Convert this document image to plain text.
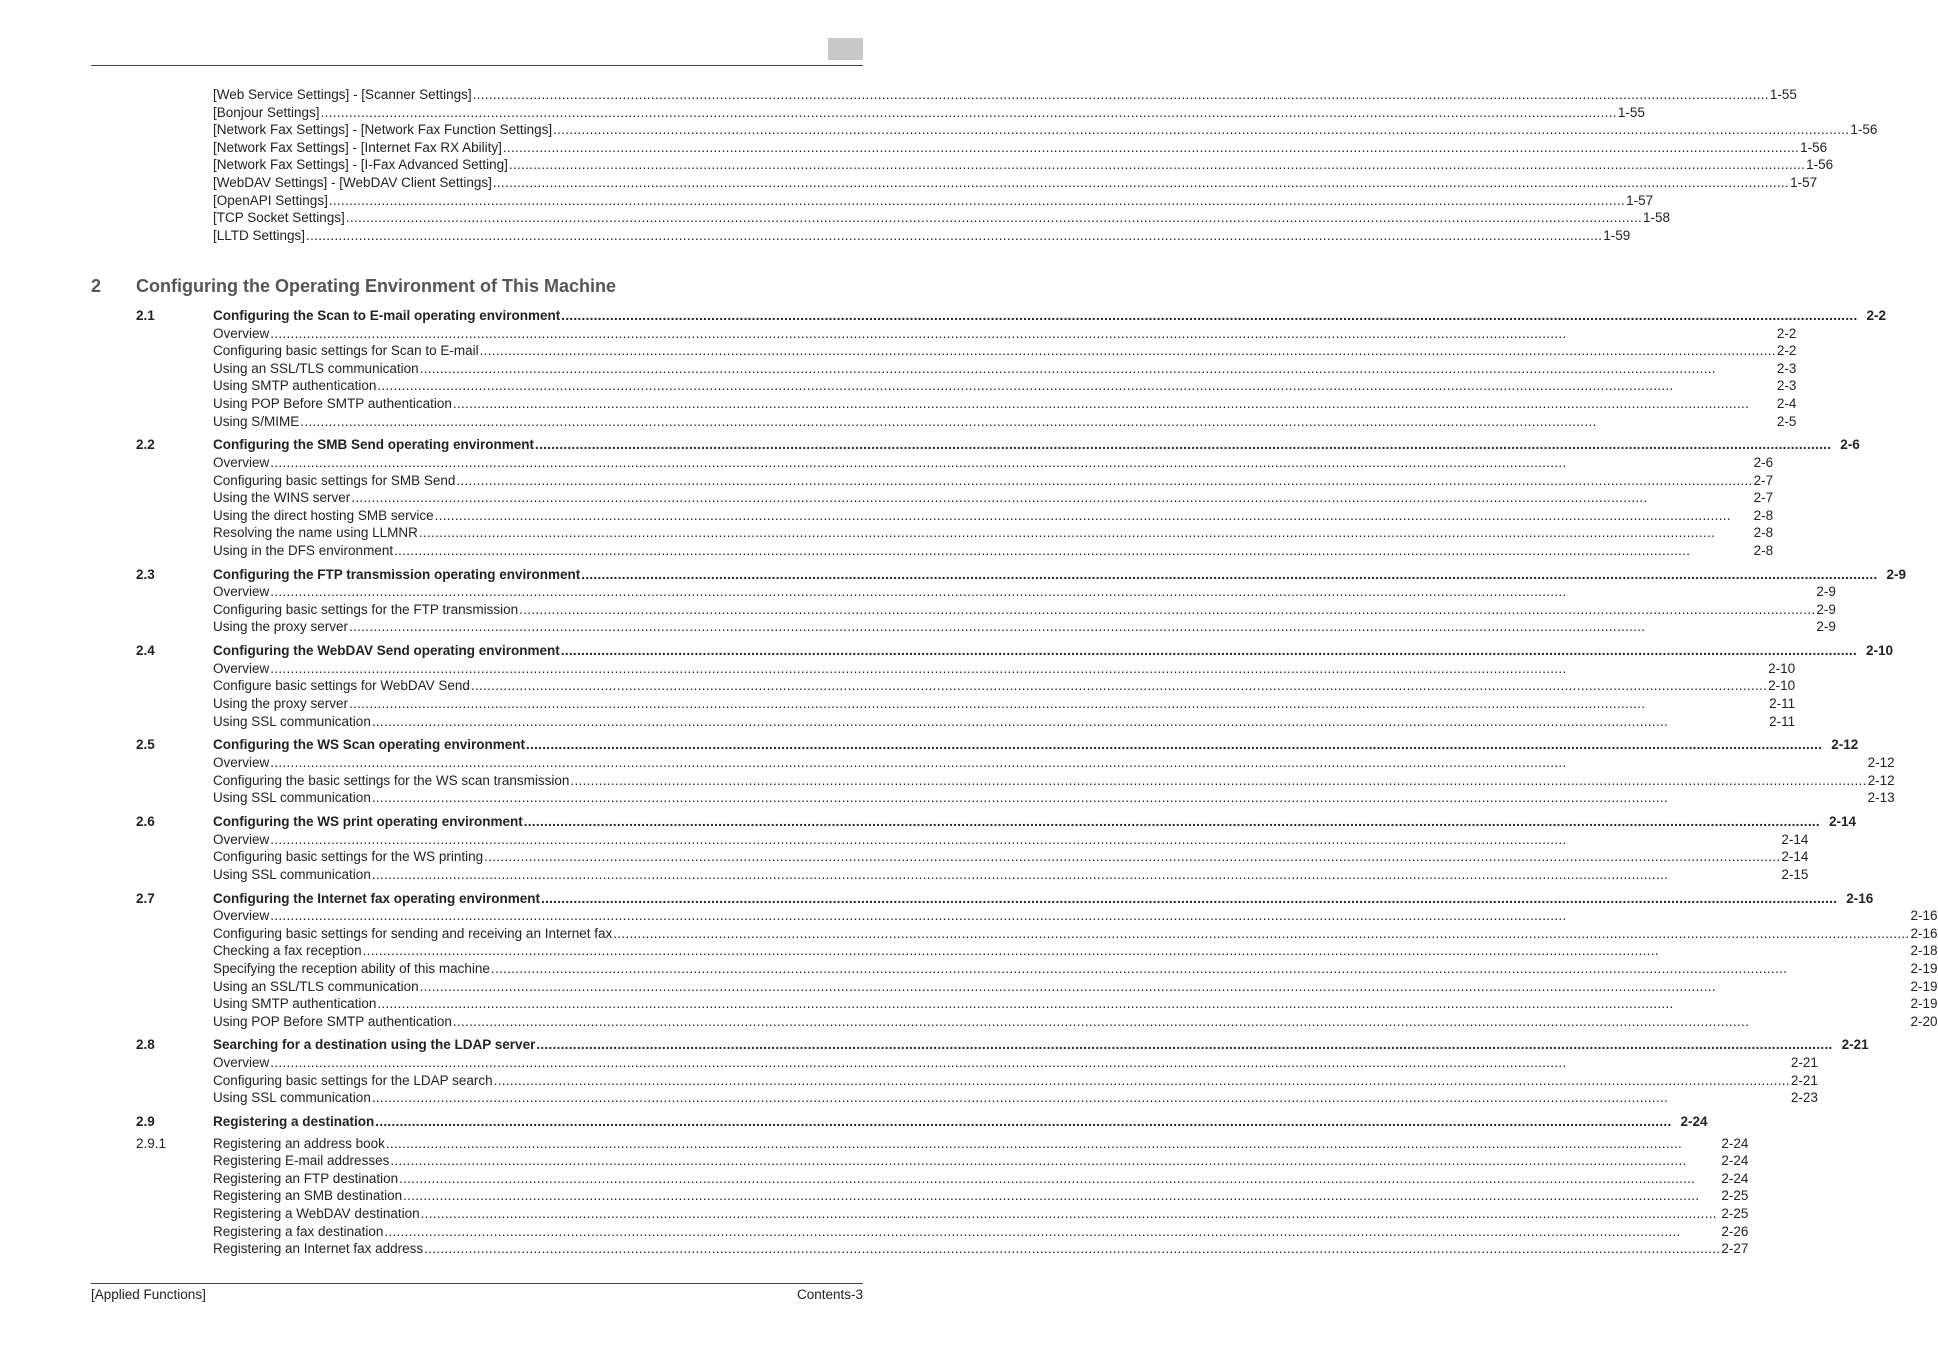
[Web Service Settings] - [Scanner Settings] .....	1-55
[Bonjour Settings] .....	1-55
[Network Fax Settings] - [Network Fax Function Settings] .....	1-56
[Network Fax Settings] - [Internet Fax RX Ability] .....	1-56
[Network Fax Settings] - [I-Fax Advanced Setting] .....	1-56
[WebDAV Settings] - [WebDAV Client Settings] .....	1-57
[OpenAPI Settings] .....	1-57
[TCP Socket Settings] .....	1-58
[LLTD Settings] .....	1-59
2 Configuring the Operating Environment of This Machine
2.1	Configuring the Scan to E-mail operating environment .....	2-2
Overview .....	2-2
Configuring basic settings for Scan to E-mail .....	2-2
Using an SSL/TLS communication .....	2-3
Using SMTP authentication .....	2-3
Using POP Before SMTP authentication .....	2-4
Using S/MIME .....	2-5
2.2	Configuring the SMB Send operating environment .....	2-6
Overview .....	2-6
Configuring basic settings for SMB Send .....	2-7
Using the WINS server .....	2-7
Using the direct hosting SMB service .....	2-8
Resolving the name using LLMNR .....	2-8
Using in the DFS environment .....	2-8
2.3	Configuring the FTP transmission operating environment .....	2-9
Overview .....	2-9
Configuring basic settings for the FTP transmission .....	2-9
Using the proxy server .....	2-9
2.4	Configuring the WebDAV Send operating environment .....	2-10
Overview .....	2-10
Configure basic settings for WebDAV Send .....	2-10
Using the proxy server .....	2-11
Using SSL communication .....	2-11
2.5	Configuring the WS Scan operating environment .....	2-12
Overview .....	2-12
Configuring the basic settings for the WS scan transmission .....	2-12
Using SSL communication .....	2-13
2.6	Configuring the WS print operating environment .....	2-14
Overview .....	2-14
Configuring basic settings for the WS printing .....	2-14
Using SSL communication .....	2-15
2.7	Configuring the Internet fax operating environment .....	2-16
Overview .....	2-16
Configuring basic settings for sending and receiving an Internet fax .....	2-16
Checking a fax reception .....	2-18
Specifying the reception ability of this machine .....	2-19
Using an SSL/TLS communication .....	2-19
Using SMTP authentication .....	2-19
Using POP Before SMTP authentication .....	2-20
2.8	Searching for a destination using the LDAP server .....	2-21
Overview .....	2-21
Configuring basic settings for the LDAP search .....	2-21
Using SSL communication .....	2-23
2.9	Registering a destination .....	2-24
2.9.1	Registering an address book .....	2-24
Registering E-mail addresses .....	2-24
Registering an FTP destination .....	2-24
Registering an SMB destination .....	2-25
Registering a WebDAV destination .....	2-25
Registering a fax destination .....	2-26
Registering an Internet fax address .....	2-27
[Applied Functions]	Contents-3
